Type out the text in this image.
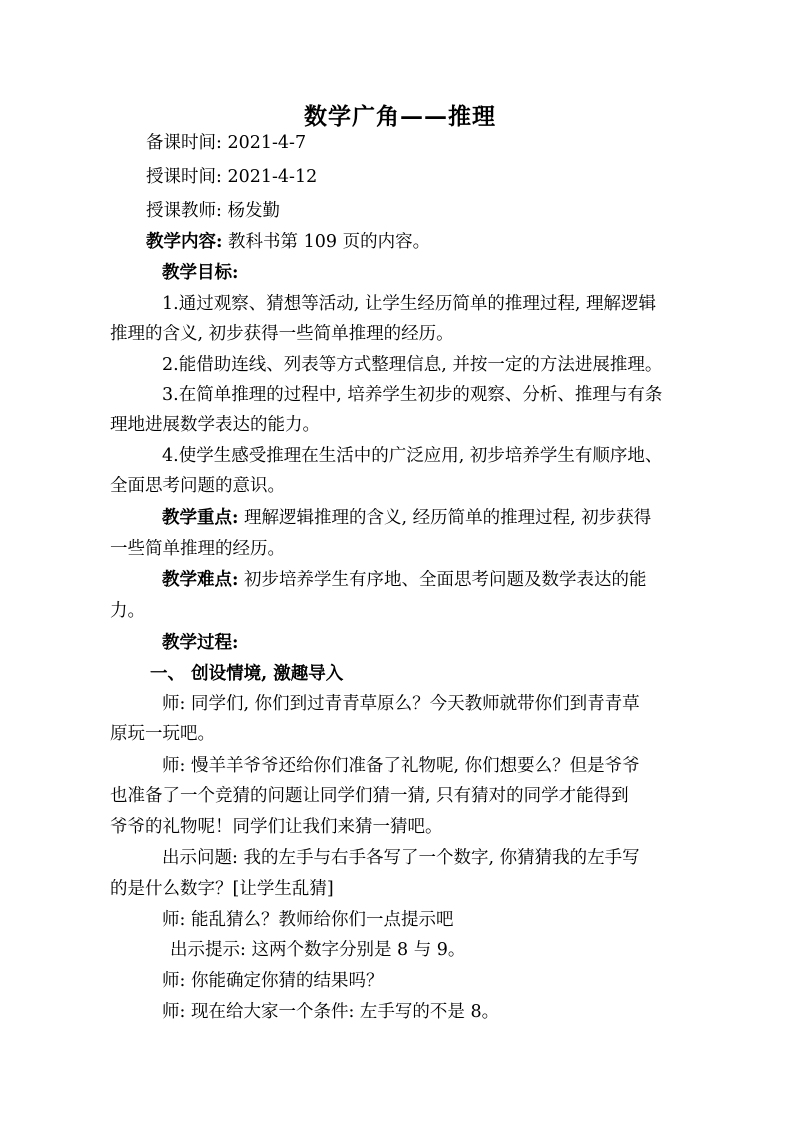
数学广角——推理
备课时间: 2021-4-7
授课时间: 2021-4-12
授课教师: 杨发勤
教学内容: 教科书第 109 页的内容。
教学目标:
1.通过观察、猜想等活动, 让学生经历简单的推理过程, 理解逻辑
推理的含义, 初步获得一些简单推理的经历。
2.能借助连线、列表等方式整理信息, 并按一定的方法进展推理。
3.在简单推理的过程中, 培养学生初步的观察、分析、推理与有条
理地进展数学表达的能力。
4.使学生感受推理在生活中的广泛应用, 初步培养学生有顺序地、
全面思考问题的意识。
教学重点: 理解逻辑推理的含义, 经历简单的推理过程, 初步获得
一些简单推理的经历。
教学难点: 初步培养学生有序地、全面思考问题及数学表达的能
力。
教学过程:
一、 创设情境, 激趣导入
师: 同学们, 你们到过青青草原么？今天教师就带你们到青青草
原玩一玩吧。
师: 慢羊羊爷爷还给你们准备了礼物呢, 你们想要么？但是爷爷
也准备了一个竞猜的问题让同学们猜一猜, 只有猜对的同学才能得到
爷爷的礼物呢！同学们让我们来猜一猜吧。
出示问题: 我的左手与右手各写了一个数字, 你猜猜我的左手写
的是什么数字？[让学生乱猜]
师: 能乱猜么？教师给你们一点提示吧
出示提示: 这两个数字分别是 8 与 9。
师: 你能确定你猜的结果吗？
师: 现在给大家一个条件: 左手写的不是 8。
